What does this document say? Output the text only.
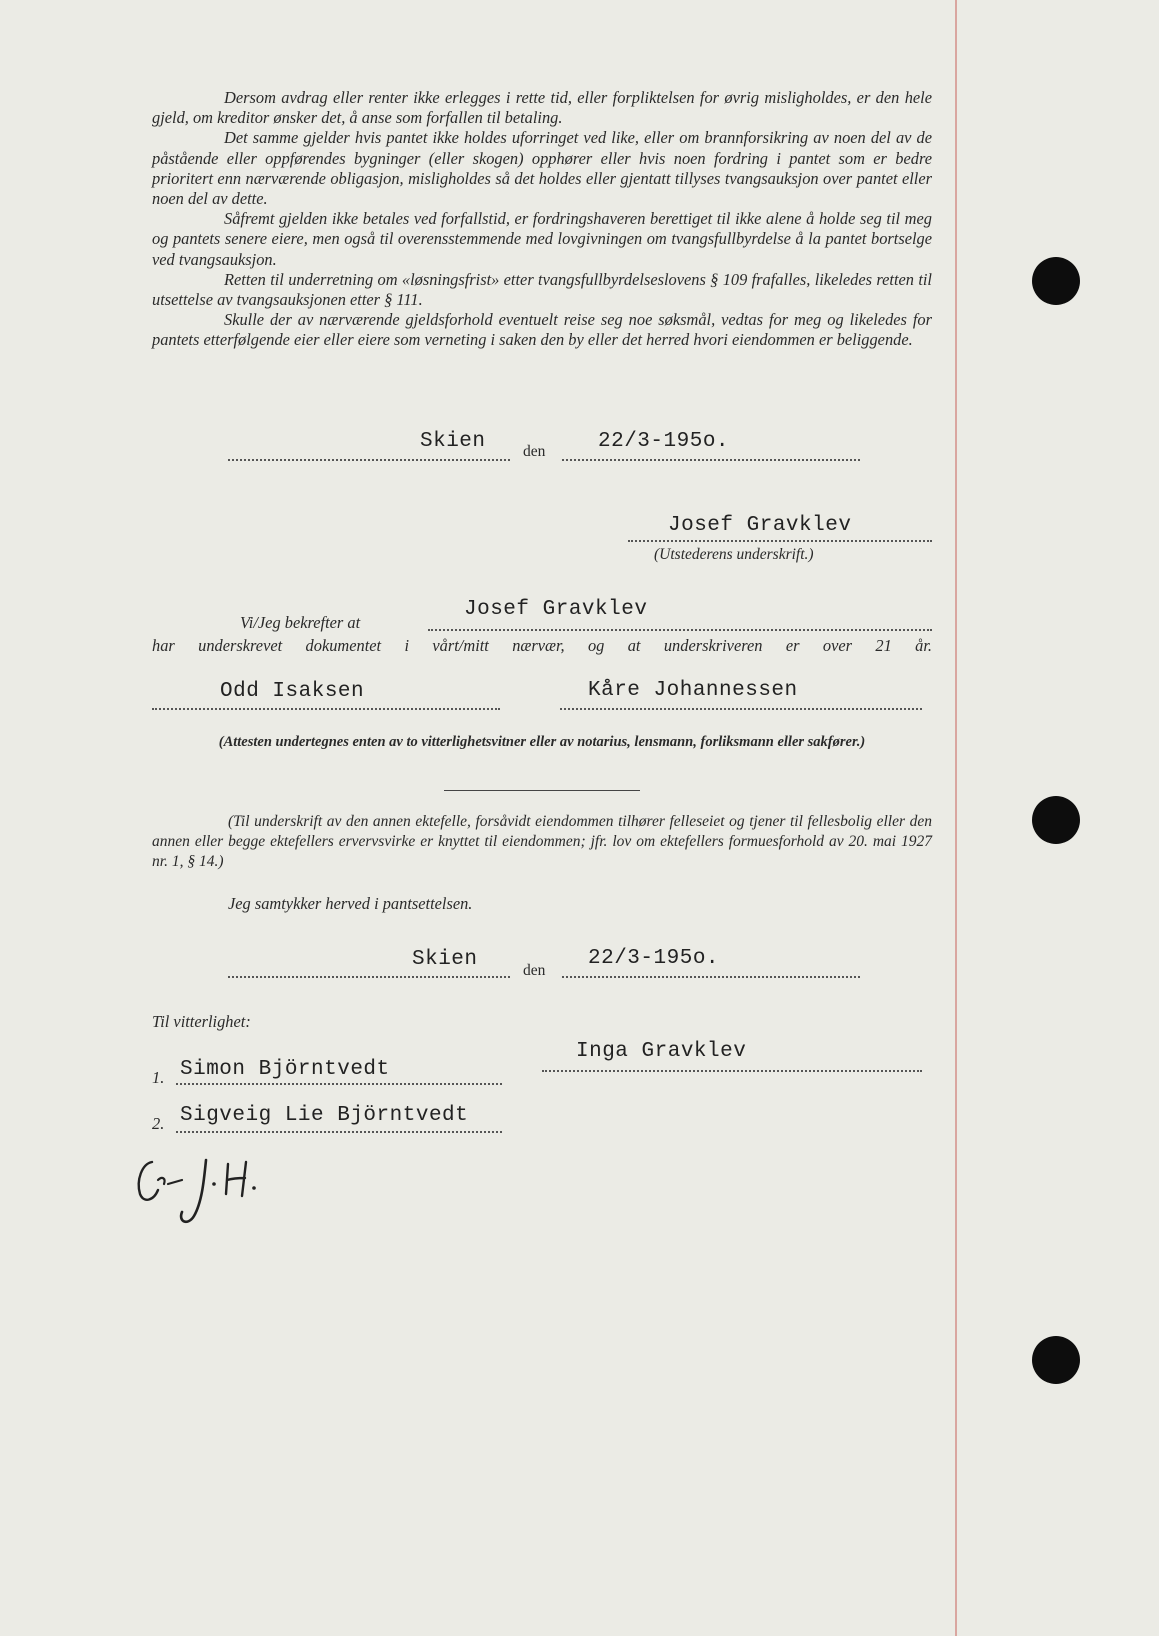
Dersom avdrag eller renter ikke erlegges i rette tid, eller forpliktelsen for øvrig misligholdes, er den hele gjeld, om kreditor ønsker det, å anse som forfallen til betaling.

Det samme gjelder hvis pantet ikke holdes uforringet ved like, eller om brannforsikring av noen del av de påstående eller oppførendes bygninger (eller skogen) opphører eller hvis noen fordring i pantet som er bedre prioritert enn nærværende obligasjon, misligholdes så det holdes eller gjentatt tillyses tvangsauksjon over pantet eller noen del av dette.

Såfremt gjelden ikke betales ved forfallstid, er fordringshaveren berettiget til ikke alene å holde seg til meg og pantets senere eiere, men også til overensstemmende med lovgivningen om tvangsfullbyrdelse å la pantet bortselge ved tvangsauksjon.

Retten til underretning om «løsningsfrist» etter tvangsfullbyrdelseslovens § 109 frafalles, likeledes retten til utsettelse av tvangsauksjonen etter § 111.

Skulle der av nærværende gjeldsforhold eventuelt reise seg noe søksmål, vedtas for meg og likeledes for pantets etterfølgende eier eller eiere som verneting i saken den by eller det herred hvori eiendommen er beliggende.

Skien den	22/3-195o.
Josef Gravklev
(Utstederens underskrift.)
Vi/Jeg bekrefter at
Josef Gravklev
har underskrevet dokumentet i vårt/mitt nærvær, og at underskriveren er over 21 år.
Odd Isaksen	Kåre Johannessen
(Attesten undertegnes enten av to vitterlighetsvitner eller av notarius, lensmann, forliksmann eller sakfører.)

(Til underskrift av den annen ektefelle, forsåvidt eiendommen tilhører felleseiet og tjener til fellesbolig eller den annen eller begge ektefellers ervervsvirke er knyttet til eiendommen; jfr. lov om ektefellers formuesforhold av 20. mai 1927 nr. 1, § 14.)

Jeg samtykker herved i pantsettelsen.
Skien	den
22/3-195o.
Til vitterlighet:
Inga Gravklev
1. Simon Björntvedt
2. Sigveig Lie Björntvedt
